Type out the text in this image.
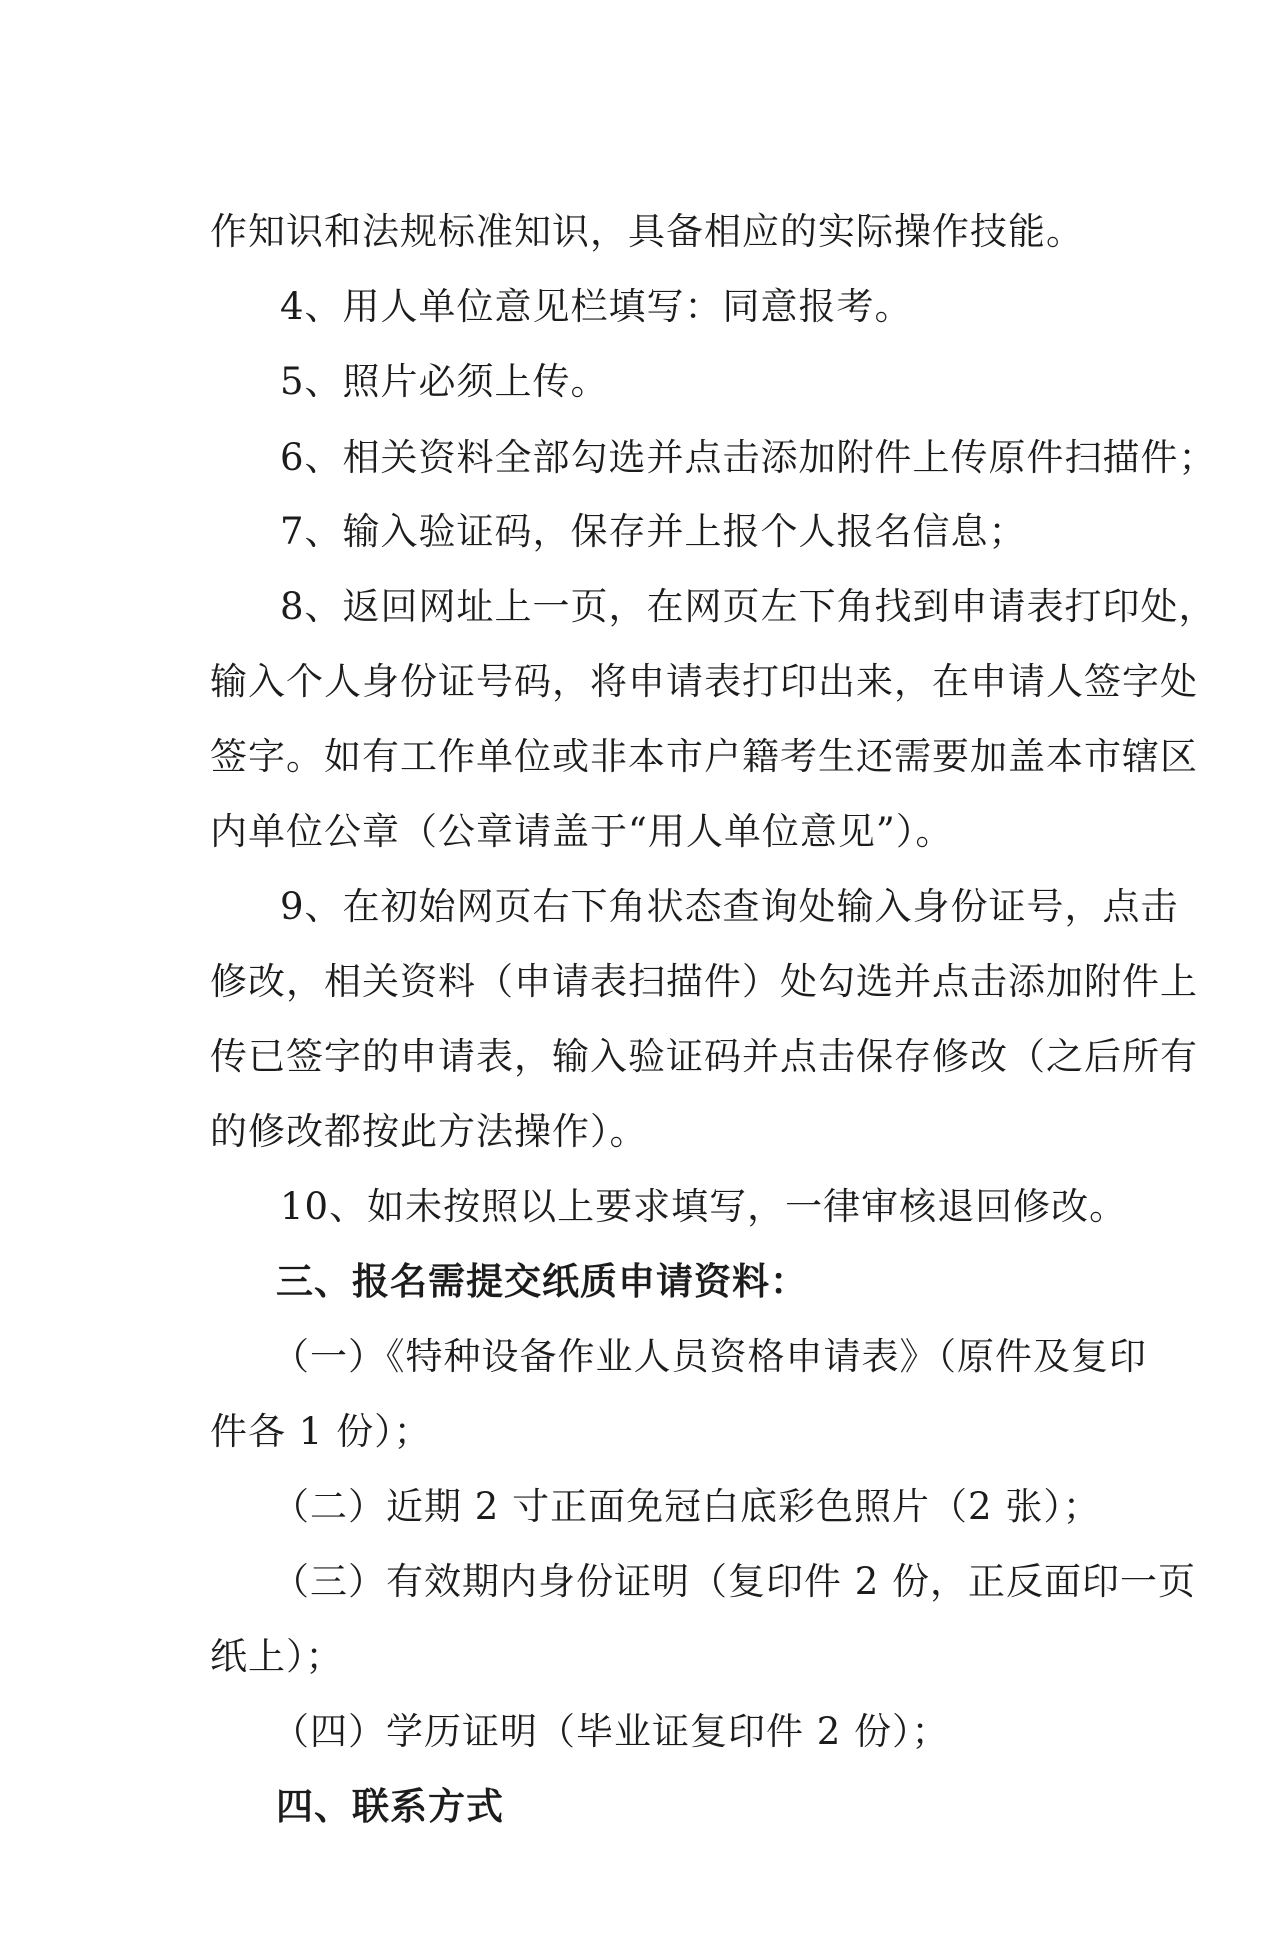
作知识和法规标准知识，具备相应的实际操作技能。
4、用人单位意见栏填写：同意报考。
5、照片必须上传。
6、相关资料全部勾选并点击添加附件上传原件扫描件；
7、输入验证码，保存并上报个人报名信息；
8、返回网址上一页，在网页左下角找到申请表打印处，
输入个人身份证号码，将申请表打印出来，在申请人签字处
签字。如有工作单位或非本市户籍考生还需要加盖本市辖区
内单位公章（公章请盖于“用人单位意见”）。
9、在初始网页右下角状态查询处输入身份证号，点击
修改，相关资料（申请表扫描件）处勾选并点击添加附件上
传已签字的申请表，输入验证码并点击保存修改（之后所有
的修改都按此方法操作）。
10、如未按照以上要求填写，一律审核退回修改。
三、报名需提交纸质申请资料：
（一）《特种设备作业人员资格申请表》（原件及复印
件各 1 份）；
（二）近期 2 寸正面免冠白底彩色照片（2 张）；
（三）有效期内身份证明（复印件 2 份，正反面印一页
纸上）；
（四）学历证明（毕业证复印件 2 份）；
四、联系方式
